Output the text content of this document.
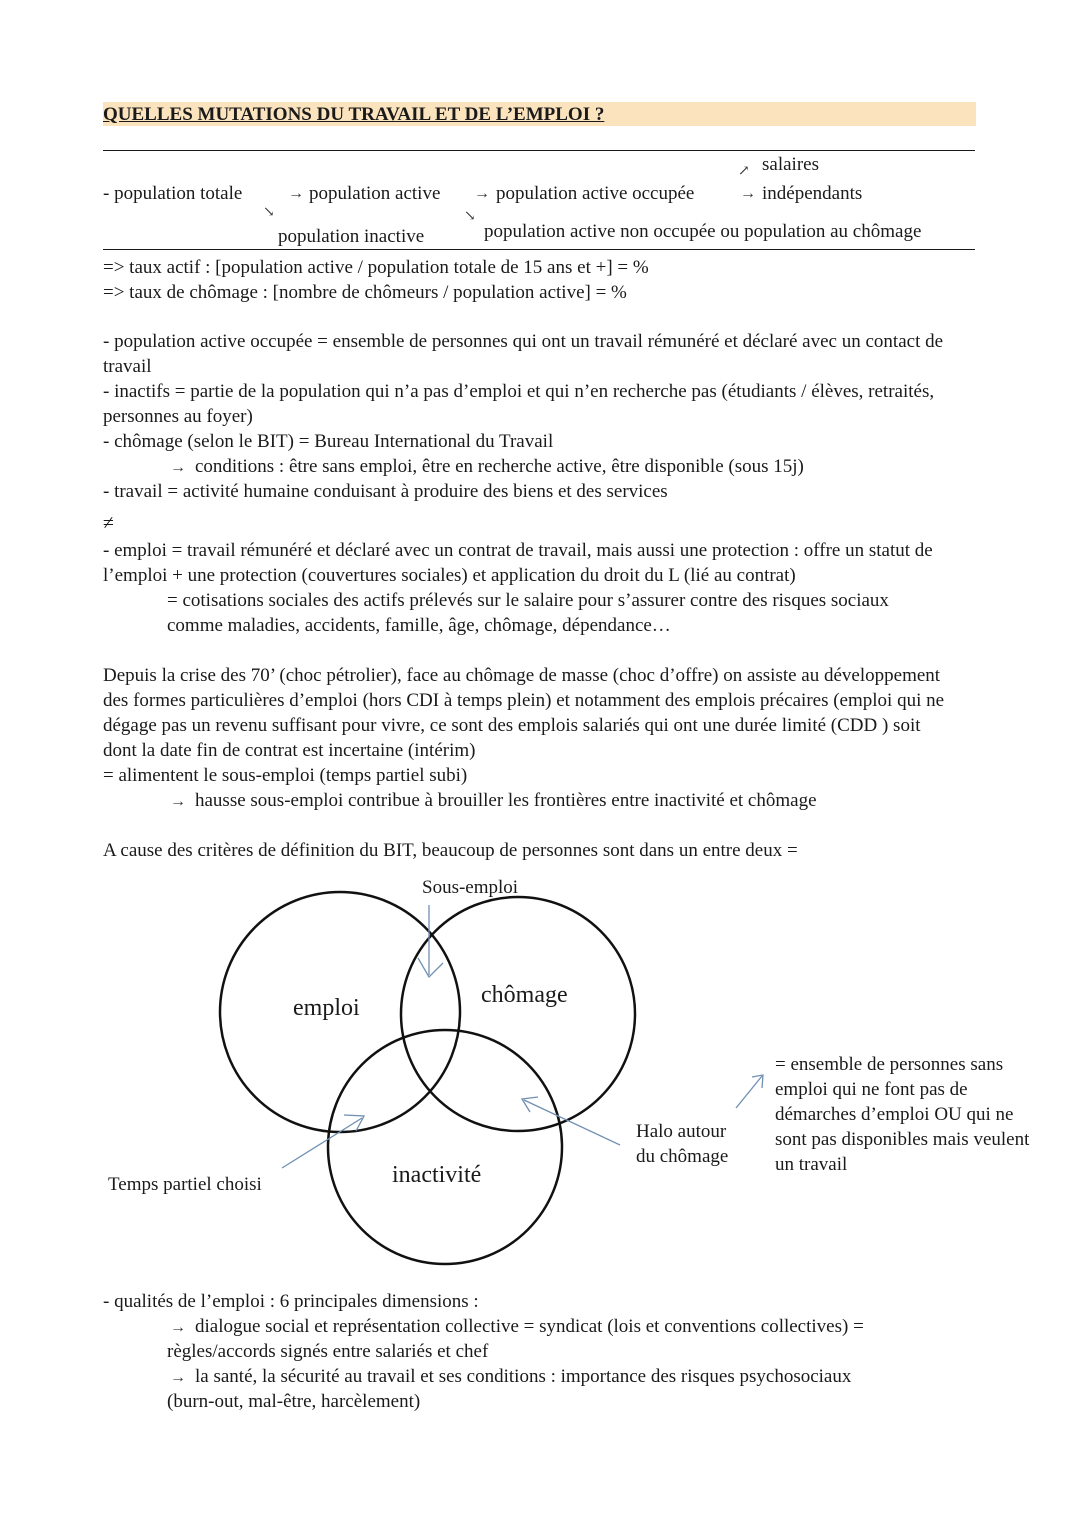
QUELLES MUTATIONS DU TRAVAIL ET DE L’EMPLOI ?
salaires
↗
- population totale	→ population active → population active occupée	→ indépendants
↘	↘
population inactive	population active non occupée ou population au chômage
=> taux actif : [population active / population totale de 15 ans et +] = %
=> taux de chômage : [nombre de chômeurs / population active] = %
- population active occupée = ensemble de personnes qui ont un travail rémunéré et déclaré avec un contact de travail
- inactifs = partie de la population qui n’a pas d’emploi et qui n’en recherche pas (étudiants / élèves, retraités, personnes au foyer)
- chômage (selon le BIT) = Bureau International du Travail
→ conditions : être sans emploi, être en recherche active, être disponible (sous 15j)
- travail = activité humaine conduisant à produire des biens et des services
≠
- emploi = travail rémunéré et déclaré avec un contrat de travail, mais aussi une protection : offre un statut de l’emploi + une protection (couvertures sociales) et application du droit du L (lié au contrat)
= cotisations sociales des actifs prélevés sur le salaire pour s’assurer contre des risques sociaux comme maladies, accidents, famille, âge, chômage, dépendance…
Depuis la crise des 70’ (choc pétrolier), face au chômage de masse (choc d’offre) on assiste au développement des formes particulières d’emploi (hors CDI à temps plein) et notamment des emplois précaires (emploi qui ne dégage pas un revenu suffisant pour vivre, ce sont des emplois salariés qui ont une durée limité (CDD ) soit dont la date fin de contrat est incertaine (intérim)
= alimentent le sous-emploi (temps partiel subi)
→ hausse sous-emploi contribue à brouiller les frontières entre inactivité et chômage
A cause des critères de définition du BIT, beaucoup de personnes sont dans un entre deux =
Sous-emploi
emploi	chômage
inactivité
Temps partiel choisi
Halo autour
du chômage
= ensemble de personnes sans
emploi qui ne font pas de
démarches d’emploi OU qui ne
sont pas disponibles mais veulent
un travail
- qualités de l’emploi : 6 principales dimensions :
→ dialogue social et représentation collective = syndicat (lois et conventions collectives) =
règles/accords signés entre salariés et chef
→ la santé, la sécurité au travail et ses conditions : importance des risques psychosociaux
(burn-out, mal-être, harcèlement)
